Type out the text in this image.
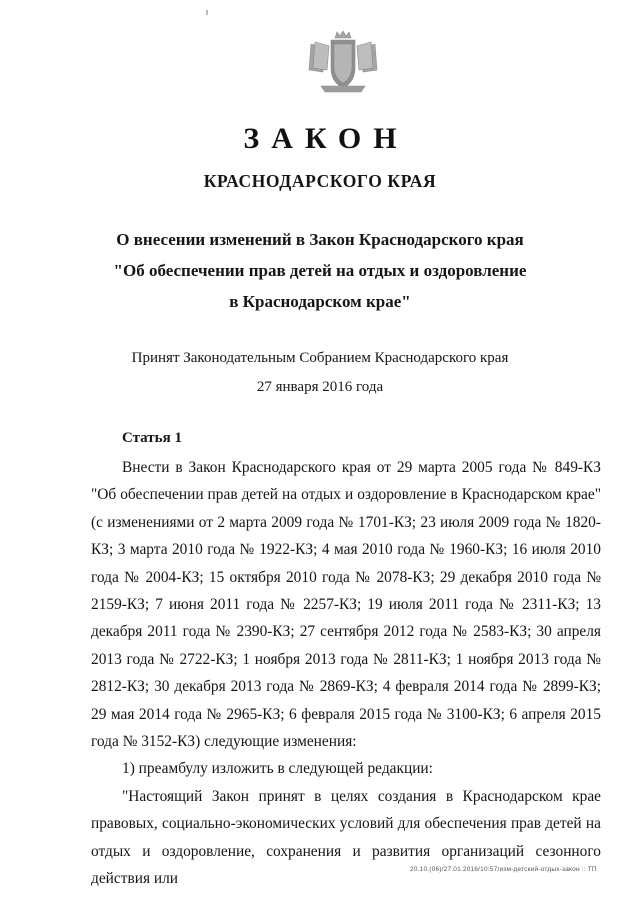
ЗАКОН
КРАСНОДАРСКОГО КРАЯ
О внесении изменений в Закон Краснодарского края
"Об обеспечении прав детей на отдых и оздоровление
в Краснодарском крае"
Принят Законодательным Собранием Краснодарского края
27 января 2016 года
Статья 1

Внести в Закон Краснодарского края от 29 марта 2005 года № 849-КЗ "Об обеспечении прав детей на отдых и оздоровление в Краснодарском крае" (с изменениями от 2 марта 2009 года № 1701-КЗ; 23 июля 2009 года № 1820-КЗ; 3 марта 2010 года № 1922-КЗ; 4 мая 2010 года № 1960-КЗ; 16 июля 2010 года № 2004-КЗ; 15 октября 2010 года № 2078-КЗ; 29 декабря 2010 года № 2159-КЗ; 7 июня 2011 года № 2257-КЗ; 19 июля 2011 года № 2311-КЗ; 13 декабря 2011 года № 2390-КЗ; 27 сентября 2012 года № 2583-КЗ; 30 апреля 2013 года № 2722-КЗ; 1 ноября 2013 года № 2811-КЗ; 1 ноября 2013 года № 2812-КЗ; 30 декабря 2013 года № 2869-КЗ; 4 февраля 2014 года № 2899-КЗ; 29 мая 2014 года № 2965-КЗ; 6 февраля 2015 года № 3100-КЗ; 6 апреля 2015 года № 3152-КЗ) следующие изменения:

1) преамбулу изложить в следующей редакции:

"Настоящий Закон принят в целях создания в Краснодарском крае правовых, социально-экономических условий для обеспечения прав детей на отдых и оздоровление, сохранения и развития организаций сезонного действия или

20.10.(06)/27.01.2016/10:57/изм-детский-отдых-закон :: ТП
